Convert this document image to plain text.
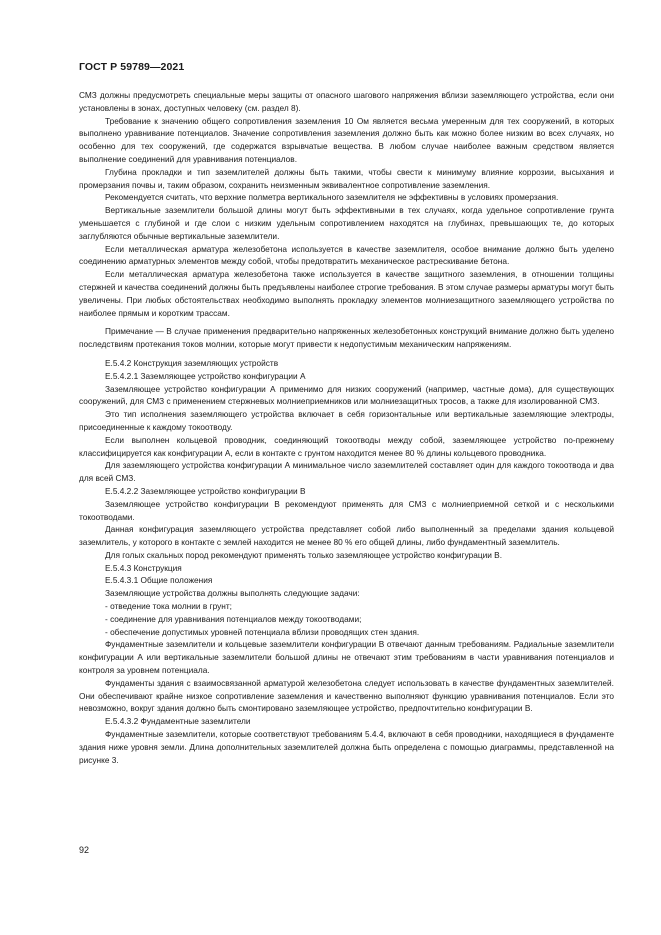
ГОСТ Р 59789—2021

СМЗ должны предусмотреть специальные меры защиты от опасного шагового напряжения вблизи заземляющего устройства, если они установлены в зонах, доступных человеку (см. раздел 8).

Требование к значению общего сопротивления заземления 10 Ом является весьма умеренным для тех сооружений, в которых выполнено уравнивание потенциалов. Значение сопротивления заземления должно быть как можно более низким во всех случаях, но особенно для тех сооружений, где содержатся взрывчатые вещества. В любом случае наиболее важным средством является выполнение соединений для уравнивания потенциалов.

Глубина прокладки и тип заземлителей должны быть такими, чтобы свести к минимуму влияние коррозии, высыхания и промерзания почвы и, таким образом, сохранить неизменным эквивалентное сопротивление заземления.

Рекомендуется считать, что верхние полметра вертикального заземлителя не эффективны в условиях промерзания.

Вертикальные заземлители большой длины могут быть эффективными в тех случаях, когда удельное сопротивление грунта уменьшается с глубиной и где слои с низким удельным сопротивлением находятся на глубинах, превышающих те, до которых заглубляются обычные вертикальные заземлители.

Если металлическая арматура железобетона используется в качестве заземлителя, особое внимание должно быть уделено соединению арматурных элементов между собой, чтобы предотвратить механическое растрескивание бетона.

Если металлическая арматура железобетона также используется в качестве защитного заземления, в отношении толщины стержней и качества соединений должны быть предъявлены наиболее строгие требования. В этом случае размеры арматуры могут быть увеличены. При любых обстоятельствах необходимо выполнять прокладку элементов молниезащитного заземляющего устройства по наиболее прямым и коротким трассам.

Примечание — В случае применения предварительно напряженных железобетонных конструкций внимание должно быть уделено последствиям протекания токов молнии, которые могут привести к недопустимым механическим напряжениям.

Е.5.4.2 Конструкция заземляющих устройств

Е.5.4.2.1 Заземляющее устройство конфигурации А

Заземляющее устройство конфигурации А применимо для низких сооружений (например, частные дома), для существующих сооружений, для СМЗ с применением стержневых молниеприемников или молниезащитных тросов, а также для изолированной СМЗ.

Это тип исполнения заземляющего устройства включает в себя горизонтальные или вертикальные заземляющие электроды, присоединенные к каждому токоотводу.

Если выполнен кольцевой проводник, соединяющий токоотводы между собой, заземляющее устройство по-прежнему классифицируется как конфигурации А, если в контакте с грунтом находится менее 80 % длины кольцевого проводника.

Для заземляющего устройства конфигурации А минимальное число заземлителей составляет один для каждого токоотвода и два для всей СМЗ.

Е.5.4.2.2 Заземляющее устройство конфигурации В

Заземляющее устройство конфигурации В рекомендуют применять для СМЗ с молниеприемной сеткой и с несколькими токоотводами.

Данная конфигурация заземляющего устройства представляет собой либо выполненный за пределами здания кольцевой заземлитель, у которого в контакте с землей находится не менее 80 % его общей длины, либо фундаментный заземлитель.

Для голых скальных пород рекомендуют применять только заземляющее устройство конфигурации В.

Е.5.4.3 Конструкция

Е.5.4.3.1 Общие положения

Заземляющие устройства должны выполнять следующие задачи:

- отведение тока молнии в грунт;

- соединение для уравнивания потенциалов между токоотводами;

- обеспечение допустимых уровней потенциала вблизи проводящих стен здания.

Фундаментные заземлители и кольцевые заземлители конфигурации В отвечают данным требованиям. Радиальные заземлители конфигурации А или вертикальные заземлители большой длины не отвечают этим требованиям в части уравнивания потенциалов и контроля за уровнем потенциала.

Фундаменты здания с взаимосвязанной арматурой железобетона следует использовать в качестве фундаментных заземлителей. Они обеспечивают крайне низкое сопротивление заземления и качественно выполняют функцию уравнивания потенциалов. Если это невозможно, вокруг здания должно быть смонтировано заземляющее устройство, предпочтительно конфигурации В.

Е.5.4.3.2 Фундаментные заземлители

Фундаментные заземлители, которые соответствуют требованиям 5.4.4, включают в себя проводники, находящиеся в фундаменте здания ниже уровня земли. Длина дополнительных заземлителей должна быть определена с помощью диаграммы, представленной на рисунке 3.

92
